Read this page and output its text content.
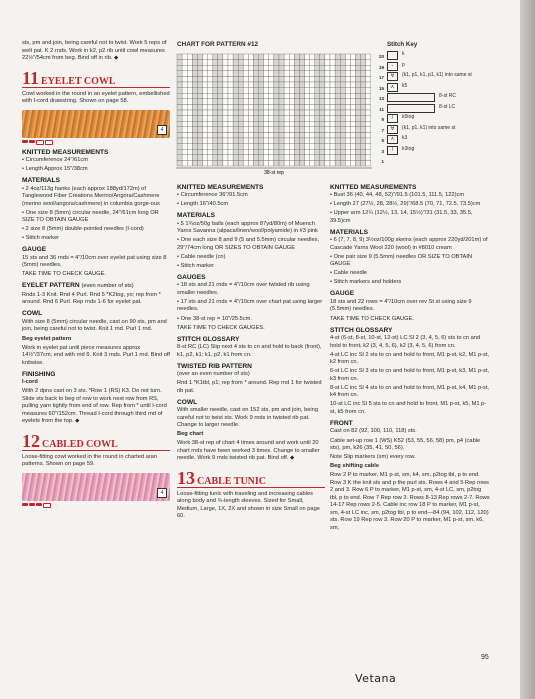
sts, pm and join, being careful not to twist. Work 5 reps of welt pat. K 2 rnds. Work in k2, p2 rib until cowl measures 22½"/54cm from beg. Bind off in rib. ◆

11 EYELET COWL

Cowl worked in the round in an eyelet pattern, embellished with I-cord drawstring. Shown on page 58.

4
KNITTED MEASUREMENTS

• Circumference 24"/61cm

• Length Approx 15"/38cm

MATERIALS

• 2 4oz/113g hanks (each approx 188yd/172m) of Tanglewood Fiber Creations Merino/Angora/Cashmere (merino wool/angora/cashmere) in columbia gorge-ous

• One size 8 (5mm) circular needle, 24"/61cm long OR SIZE TO OBTAIN GAUGE

• 2 size 8 (5mm) double-pointed needles (I-cord)

• Stitch marker

GAUGE

15 sts and 36 rnds = 4"/10cm over eyelet pat using size 8 (5mm) needles.

TAKE TIME TO CHECK GAUGE.

EYELET PATTERN (even number of sts)

Rnds 1-3 Knit. Rnd 4 Purl. Rnd 5 *K2tog, yo; rep from * around. Rnd 6 Purl. Rep rnds 1-6 for eyelet pat.

COWL

With size 8 (5mm) circular needle, cast on 90 sts, pm and join, being careful not to twist. Knit 1 rnd. Purl 1 rnd.

Beg eyelet pattern

Work in eyelet pat until piece measures approx 14½"/37cm, end with rnd 6. Knit 3 rnds. Purl 1 rnd. Bind off knitwise.

FINISHING

I-cord

With 2 dpns cast on 3 sts. *Row 1 (RS) K3. Do not turn. Slide sts back to beg of row to work next row from RS, pulling yarn tightly from end of row. Rep from * until I-cord measures 60"/152cm. Thread I-cord through third rnd of eyelets from the top. ◆

12 CABLED COWL

Loose-fitting cowl worked in the round in charted aran patterns. Shown on page 59.

4
CHART FOR PATTERN #12
38-st rep
20
19
17
15
13
11
9
7
5
3
1
Stitch Key
k
-	p
∀	(k1, p1, k1, p1, k1) into same st
∧	k5
8-st RC
8-st LC
/	k5tog
∀	(k1, p1, k1) into same st
∧	k3
/	k3tog
KNITTED MEASUREMENTS

• Circumference 36"/91.5cm

• Length 16"/40.5cm

MATERIALS

• 5 1¾oz/50g balls (each approx 87yd/80m) of Muench Yarns Savanna (alpaca/linen/wool/polyamide) in #3 pink

• One each size 8 and 9 (5 and 5.5mm) circular needles, 29"/74cm long OR SIZES TO OBTAIN GAUGE

• Cable needle (cn)

• Stitch marker

GAUGES

• 18 sts and 21 rnds = 4"/10cm over twisted rib using smaller needles.

• 17 sts and 21 rnds = 4"/10cm over chart pat using larger needles.

• One 38-st rep = 10"/25.5cm.

TAKE TIME TO CHECK GAUGES.

STITCH GLOSSARY

8-st RC (LC) Slip next 4 sts to cn and hold to back (front), k1, p2, k1; k1, p2, k1 from cn.

TWISTED RIB PATTERN

(over an even number of sts)

Rnd 1 *K1tbl, p1; rep from * around. Rep rnd 1 for twisted rib pat.

COWL

With smaller needle, cast on 152 sts, pm and join, being careful not to twist sts. Work 9 rnds in twisted rib pat. Change to larger needle.

Beg chart

Work 38-st rep of chart 4 times around and work until 20 chart rnds have been worked 3 times. Change to smaller needle. Work 9 rnds twisted rib pat. Bind off. ◆

13 CABLE TUNIC

Loose-fitting tunic with traveling and increasing cables along body and ¾-length sleeves. Sized for Small, Medium, Large, 1X, 2X and shown in size Small on page 60.

KNITTED MEASUREMENTS

• Bust 36 (40, 44, 48, 52)"/91.5 (101.5, 111.5, 122)cm

• Length 27 (27½, 28, 28½, 29)"/68.5 (70, 71, 72.5, 73.5)cm

• Upper arm 12¼ (12½, 13, 14, 15½)"/31 (31.5, 33, 35.5, 39.5)cm

MATERIALS

• 6 (7, 7, 8, 9) 3½oz/100g skeins (each approx 220yd/201m) of Cascade Yarns Wool 220 (wool) in #8010 cream

• One pair size 9 (5.5mm) needles OR SIZE TO OBTAIN GAUGE

• Cable needle

• Stitch markers and holders

GAUGE

18 sts and 22 rows = 4"/10cm over rev St st using size 9 (5.5mm) needles.

TAKE TIME TO CHECK GAUGE.

STITCH GLOSSARY

4-st (6-st, 8-st, 10-st, 12-st) LC Sl 2 (3, 4, 5, 6) sts to cn and hold to front, k2 (3, 4, 5, 6), k2 (3, 4, 5, 6) from cn.

4-st LC inc Sl 2 sts to cn and hold to front, M1 p-st, k2, M1 p-st, k2 from cn.

6-st LC inc Sl 3 sts to cn and hold to front, M1 p-st, k3, M1 p-st, k3 from cn.

8-st LC inc Sl 4 sts to cn and hold to front, M1 p-st, k4, M1 p-st, k4 from cn.

10-st LC inc Sl 5 sts to cn and hold to front, M1 p-st, k5, M1 p-st, k5 from cn.

FRONT

Cast on 82 (92, 100, 110, 118) sts.

Cable set-up row 1 (WS) K52 (53, 55, 56, 58) pm, p4 (cable sts), pm, k26 (35, 41, 50, 56).

Note Slip markers (sm) every row.

Beg shifting cable

Row 2 P to marker, M1 p-st, sm, k4, sm, p2tog tbl, p to end. Row 3 K the knit sts and p the purl sts. Rows 4 and 5 Rep rows 2 and 3. Row 6 P to marker, M1 p-st, sm, 4-st LC, sm, p2tog tbl, p to end. Row 7 Rep row 3. Rows 8-13 Rep rows 2-7. Rows 14-17 Rep rows 2-5. Cable inc row 18 P to marker, M1 p-st, sm, 4-st LC inc, sm, p2tog tbl, p to end—84 (94, 102, 112, 120) sts. Row 19 Rep row 3. Row 20 P to marker, M1 p-st, sm, k6, sm,

95
Vetana
